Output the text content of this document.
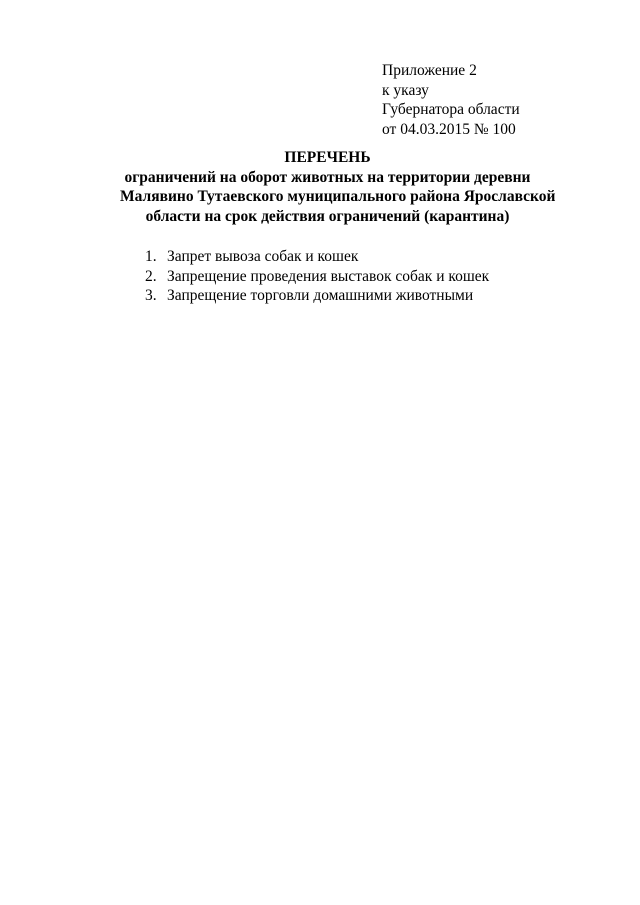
Приложение 2
к указу
Губернатора области
от 04.03.2015 № 100
ПЕРЕЧЕНЬ
ограничений на оборот животных на территории деревни
Малявино Тутаевского муниципального района Ярославской
области на срок действия ограничений (карантина)
1. Запрет вывоза собак и кошек
2. Запрещение проведения выставок собак и кошек
3. Запрещение торговли домашними животными
